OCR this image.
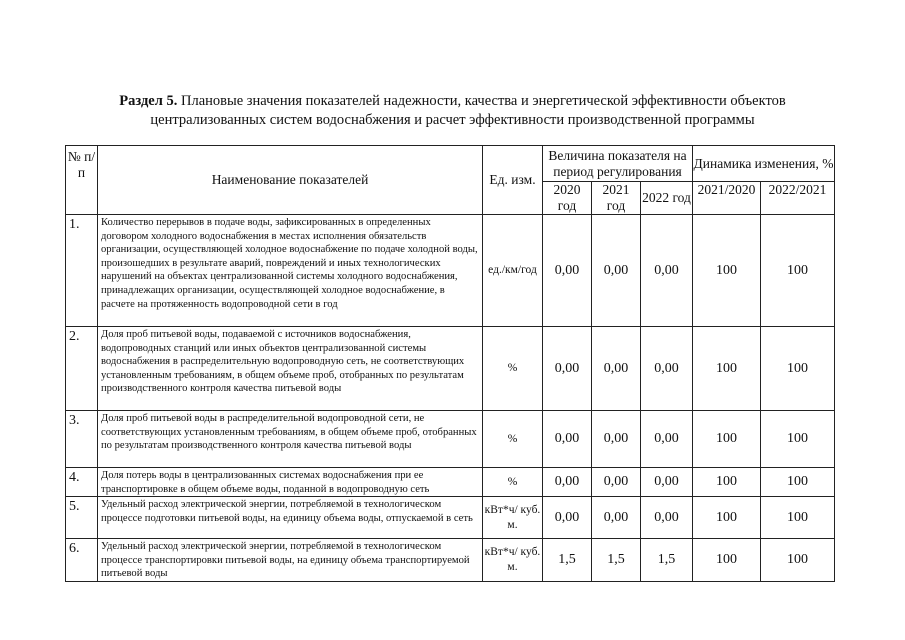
Раздел 5. Плановые значения показателей надежности, качества и энергетической эффективности объектов
централизованных систем водоснабжения и расчет эффективности производственной программы
№ п/п	Наименование показателей	Ед. изм.	Величина показателя на период регулирования			Динамика изменения, %	
			2020 год	2021 год	2022 год	2021/2020	2022/2021
1.	Количество перерывов в подаче воды, зафиксированных в определенных договором холодного водоснабжения в местах исполнения обязательств организации, осуществляющей холодное водоснабжение по подаче холодной воды, произошедших в результате аварий, повреждений и иных технологических нарушений на объектах централизованной системы холодного водоснабжения, принадлежащих организации, осуществляющей холодное водоснабжение, в расчете на протяженность водопроводной сети в год	ед./км/год	0,00	0,00	0,00	100	100
2.	Доля проб питьевой воды, подаваемой с источников водоснабжения, водопроводных станций или иных объектов централизованной системы водоснабжения в распределительную водопроводную сеть, не соответствующих установленным требованиям, в общем объеме проб, отобранных по результатам производственного контроля качества питьевой воды	%	0,00	0,00	0,00	100	100
3.	Доля проб питьевой воды в распределительной водопроводной сети, не соответствующих установленным требованиям, в общем объеме проб, отобранных по результатам производственного контроля качества питьевой воды	%	0,00	0,00	0,00	100	100
4.	Доля потерь воды в централизованных системах водоснабжения при ее транспортировке в общем объеме воды, поданной в водопроводную сеть	%	0,00	0,00	0,00	100	100
5.	Удельный расход электрической энергии, потребляемой в технологическом процессе подготовки питьевой воды, на единицу объема воды, отпускаемой в сеть	кВт*ч/ куб. м.	0,00	0,00	0,00	100	100
6.	Удельный расход электрической энергии, потребляемой в технологическом процессе транспортировки питьевой воды, на единицу объема транспортируемой питьевой воды	кВт*ч/ куб. м.	1,5	1,5	1,5	100	100
